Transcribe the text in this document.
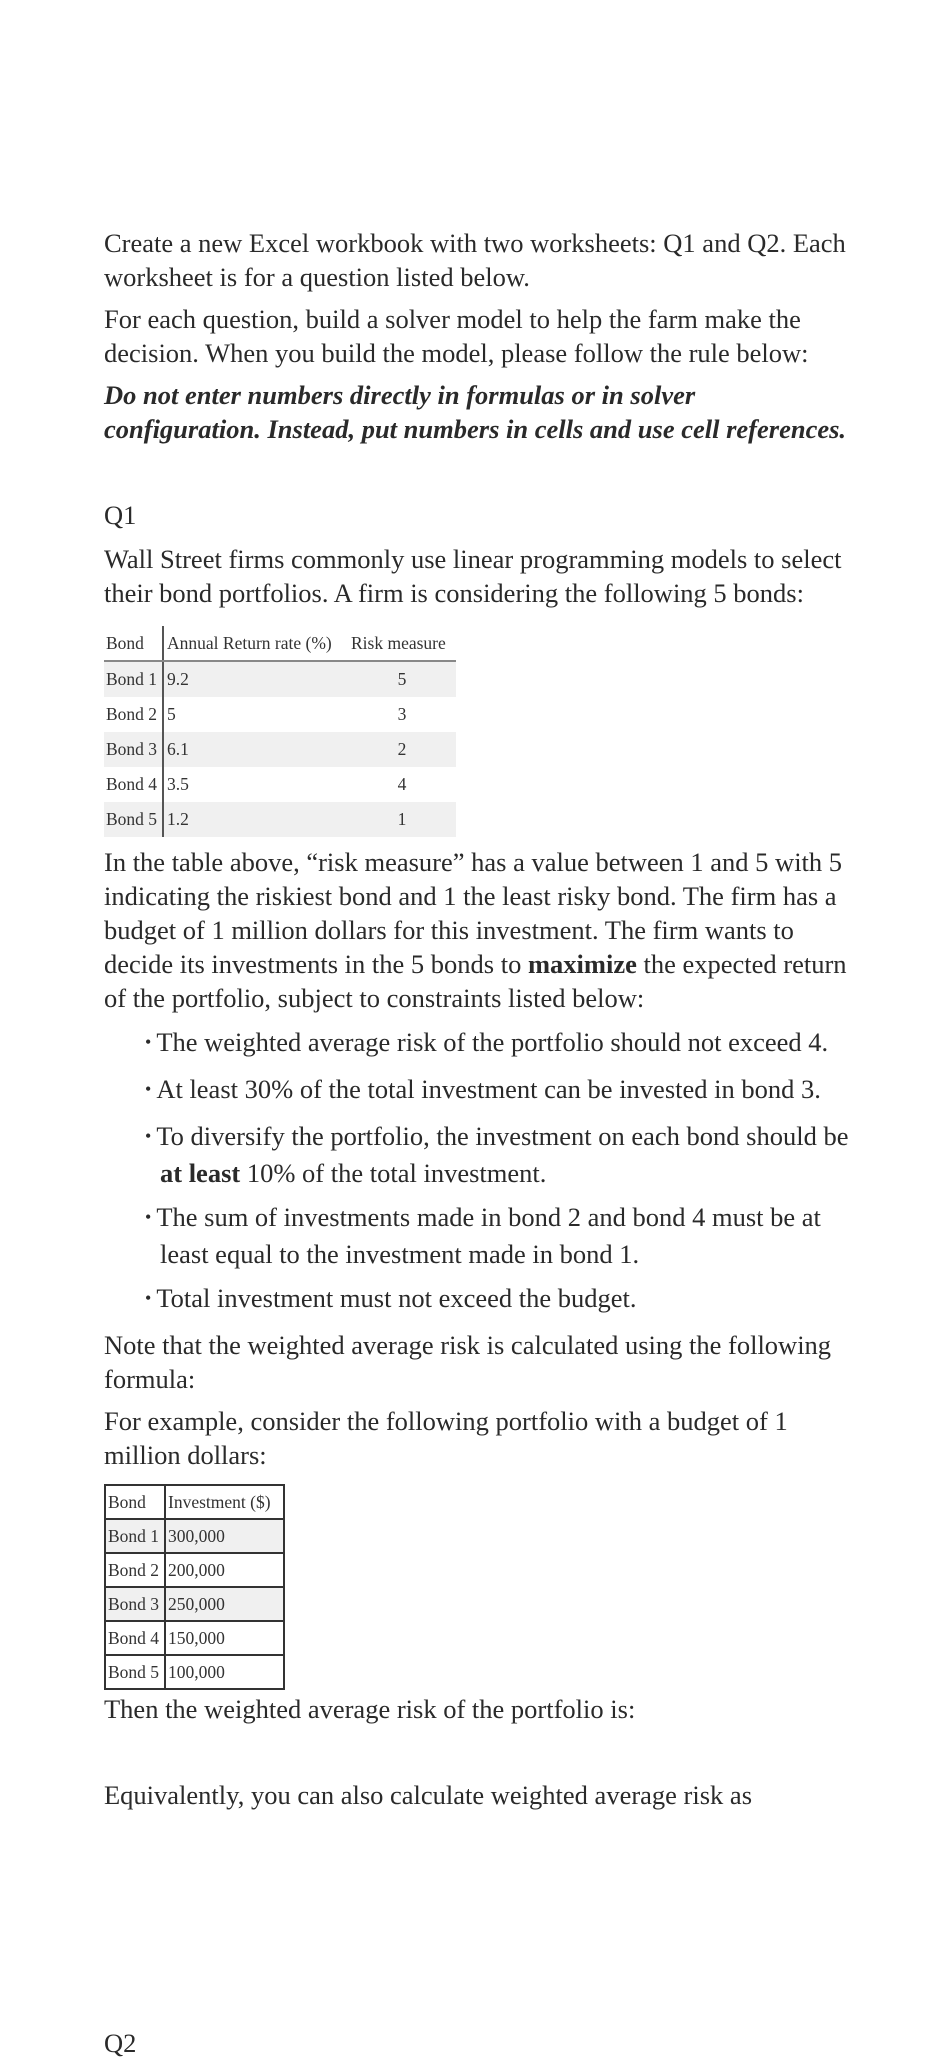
Create a new Excel workbook with two worksheets: Q1 and Q2. Each worksheet is for a question listed below.

For each question, build a solver model to help the farm make the decision. When you build the model, please follow the rule below:

Do not enter numbers directly in formulas or in solver configuration. Instead, put numbers in cells and use cell references.

Q1

Wall Street firms commonly use linear programming models to select their bond portfolios. A firm is considering the following 5 bonds:

Bond	Annual Return rate (%)	Risk measure
Bond 1	9.2	5
Bond 2	5	3
Bond 3	6.1	2
Bond 4	3.5	4
Bond 5	1.2	1

In the table above, “risk measure” has a value between 1 and 5 with 5 indicating the riskiest bond and 1 the least risky bond. The firm has a budget of 1 million dollars for this investment. The firm wants to decide its investments in the 5 bonds to maximize the expected return of the portfolio, subject to constraints listed below:

• The weighted average risk of the portfolio should not exceed 4.
• At least 30% of the total investment can be invested in bond 3.
• To diversify the portfolio, the investment on each bond should be at least 10% of the total investment.
• The sum of investments made in bond 2 and bond 4 must be at least equal to the investment made in bond 1.
• Total investment must not exceed the budget.

Note that the weighted average risk is calculated using the following formula:

For example, consider the following portfolio with a budget of 1 million dollars:

Bond	Investment ($)
Bond 1	300,000
Bond 2	200,000
Bond 3	250,000
Bond 4	150,000
Bond 5	100,000

Then the weighted average risk of the portfolio is:

Equivalently, you can also calculate weighted average risk as

Q2
